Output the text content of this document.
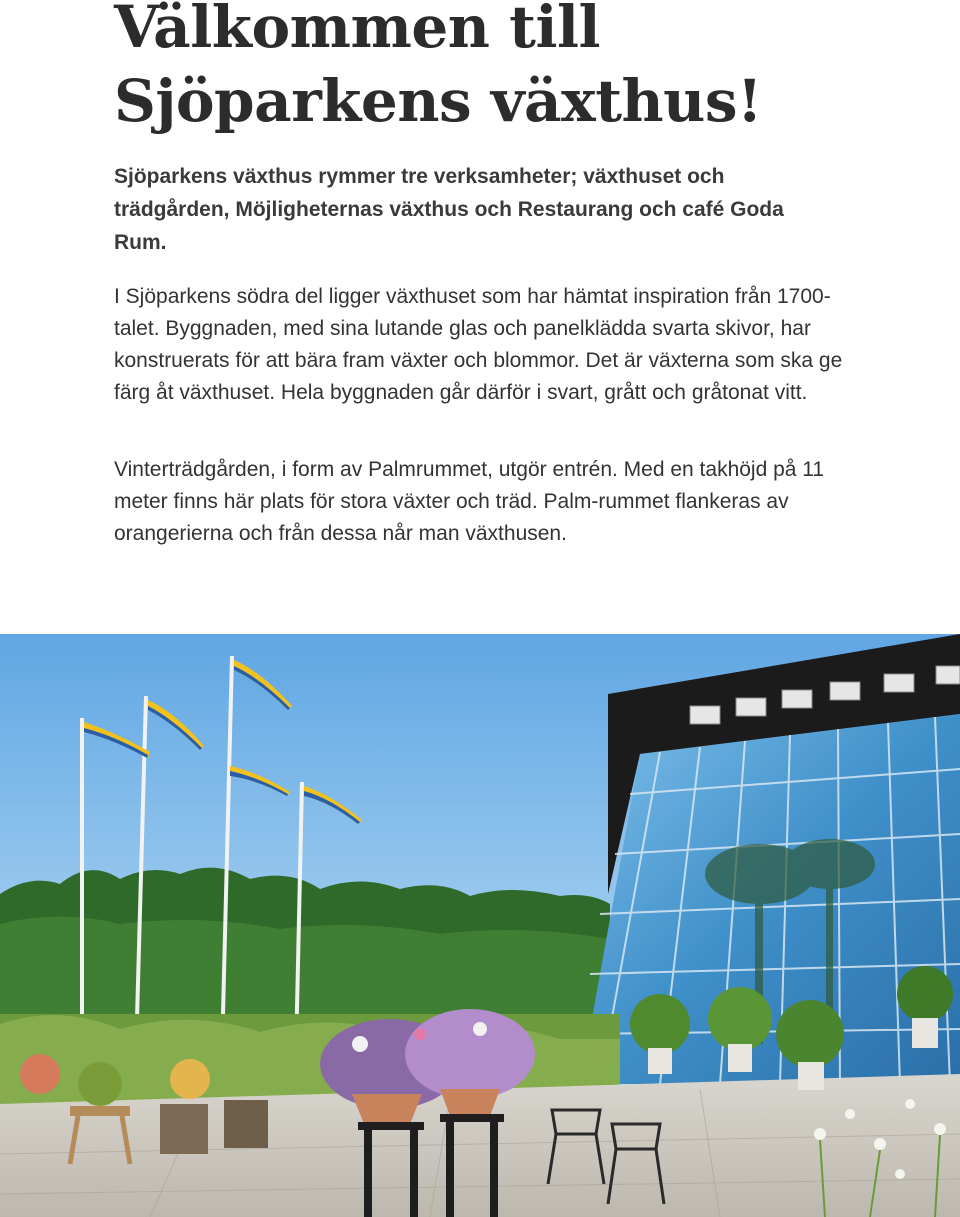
Välkommen till
Sjöparkens växthus!

Sjöparkens växthus rymmer tre verksamheter; växthuset och trädgården, Möjligheternas växthus och Restaurang och café Goda Rum.

I Sjöparkens södra del ligger växthuset som har hämtat inspiration från 1700-talet. Byggnaden, med sina lutande glas och panelklädda svarta skivor, har konstruerats för att bära fram växter och blommor. Det är växterna som ska ge färg åt växthuset. Hela byggnaden går därför i svart, grått och gråtonat vitt.

Vinterträdgården, i form av Palmrummet, utgör entrén. Med en takhöjd på 11 meter finns här plats för stora växter och träd. Palm-rummet flankeras av orangerierna och från dessa når man växthusen.
